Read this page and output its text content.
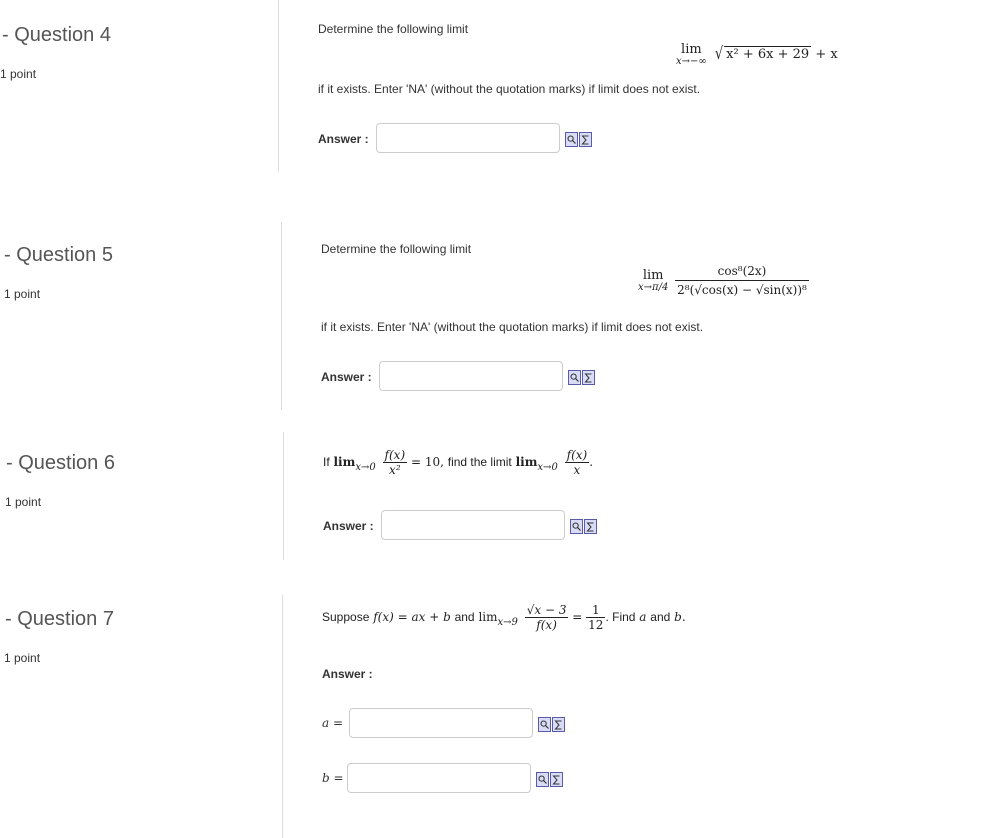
- Question 4
1 point
Determine the following limit
lim
x→−∞ √ x² + 6x + 29 + x
if it exists. Enter 'NA' (without the quotation marks) if limit does not exist.
Answer :
- Question 5
1 point
Determine the following limit
lim
x→π/4
$\frac{\text{cos⁸(2x)}}{\text{2⁸(√cos(x) − √sin(x))⁸}}$
if it exists. Enter 'NA' (without the quotation marks) if limit does not exist.
Answer :
- Question 6
1 point
If $\lim_{x\to 0} \frac{f(x)}{\text{x²}} = 10$, find the limit $\lim_{x\to 0} \frac{f(x)}{x}$ .
Answer :
- Question 7
1 point
Suppose f(x) = ax + b and $\lim_{x\to 9} \frac{√x - 3}{f(x)} = \frac{1}{12}$ . Find a and b.
Answer :
a =
b =
